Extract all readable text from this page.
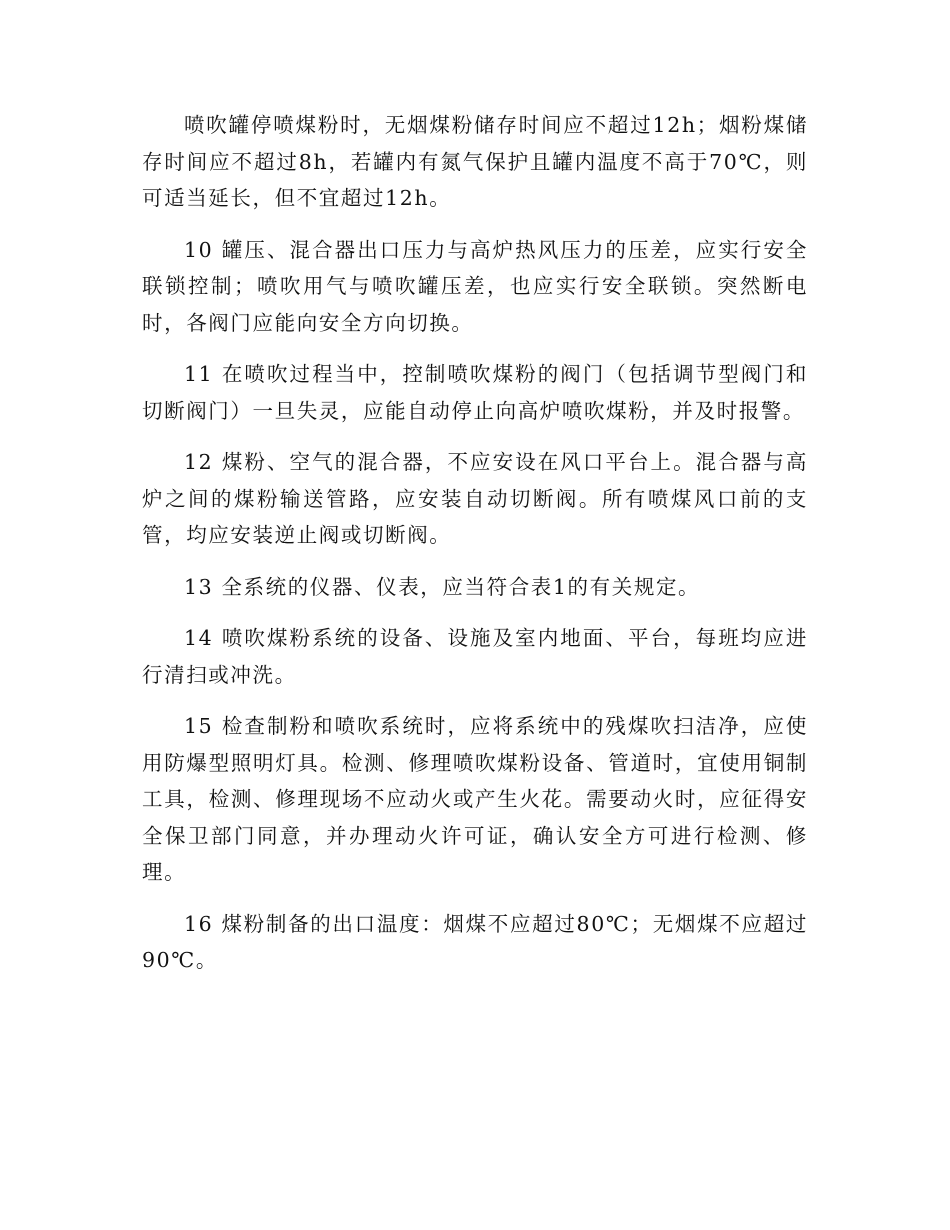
喷吹罐停喷煤粉时，无烟煤粉储存时间应不超过12h；烟粉煤储存时间应不超过8h，若罐内有氮气保护且罐内温度不高于70℃，则可适当延长，但不宜超过12h。

10 罐压、混合器出口压力与高炉热风压力的压差，应实行安全联锁控制；喷吹用气与喷吹罐压差，也应实行安全联锁。突然断电时，各阀门应能向安全方向切换。

11 在喷吹过程当中，控制喷吹煤粉的阀门（包括调节型阀门和切断阀门）一旦失灵，应能自动停止向高炉喷吹煤粉，并及时报警。

12 煤粉、空气的混合器，不应安设在风口平台上。混合器与高炉之间的煤粉输送管路，应安装自动切断阀。所有喷煤风口前的支管，均应安装逆止阀或切断阀。

13 全系统的仪器、仪表，应当符合表1的有关规定。

14 喷吹煤粉系统的设备、设施及室内地面、平台，每班均应进行清扫或冲洗。

15 检查制粉和喷吹系统时，应将系统中的残煤吹扫洁净，应使用防爆型照明灯具。检测、修理喷吹煤粉设备、管道时，宜使用铜制工具，检测、修理现场不应动火或产生火花。需要动火时，应征得安全保卫部门同意，并办理动火许可证，确认安全方可进行检测、修理。

16 煤粉制备的出口温度：烟煤不应超过80℃；无烟煤不应超过90℃。
